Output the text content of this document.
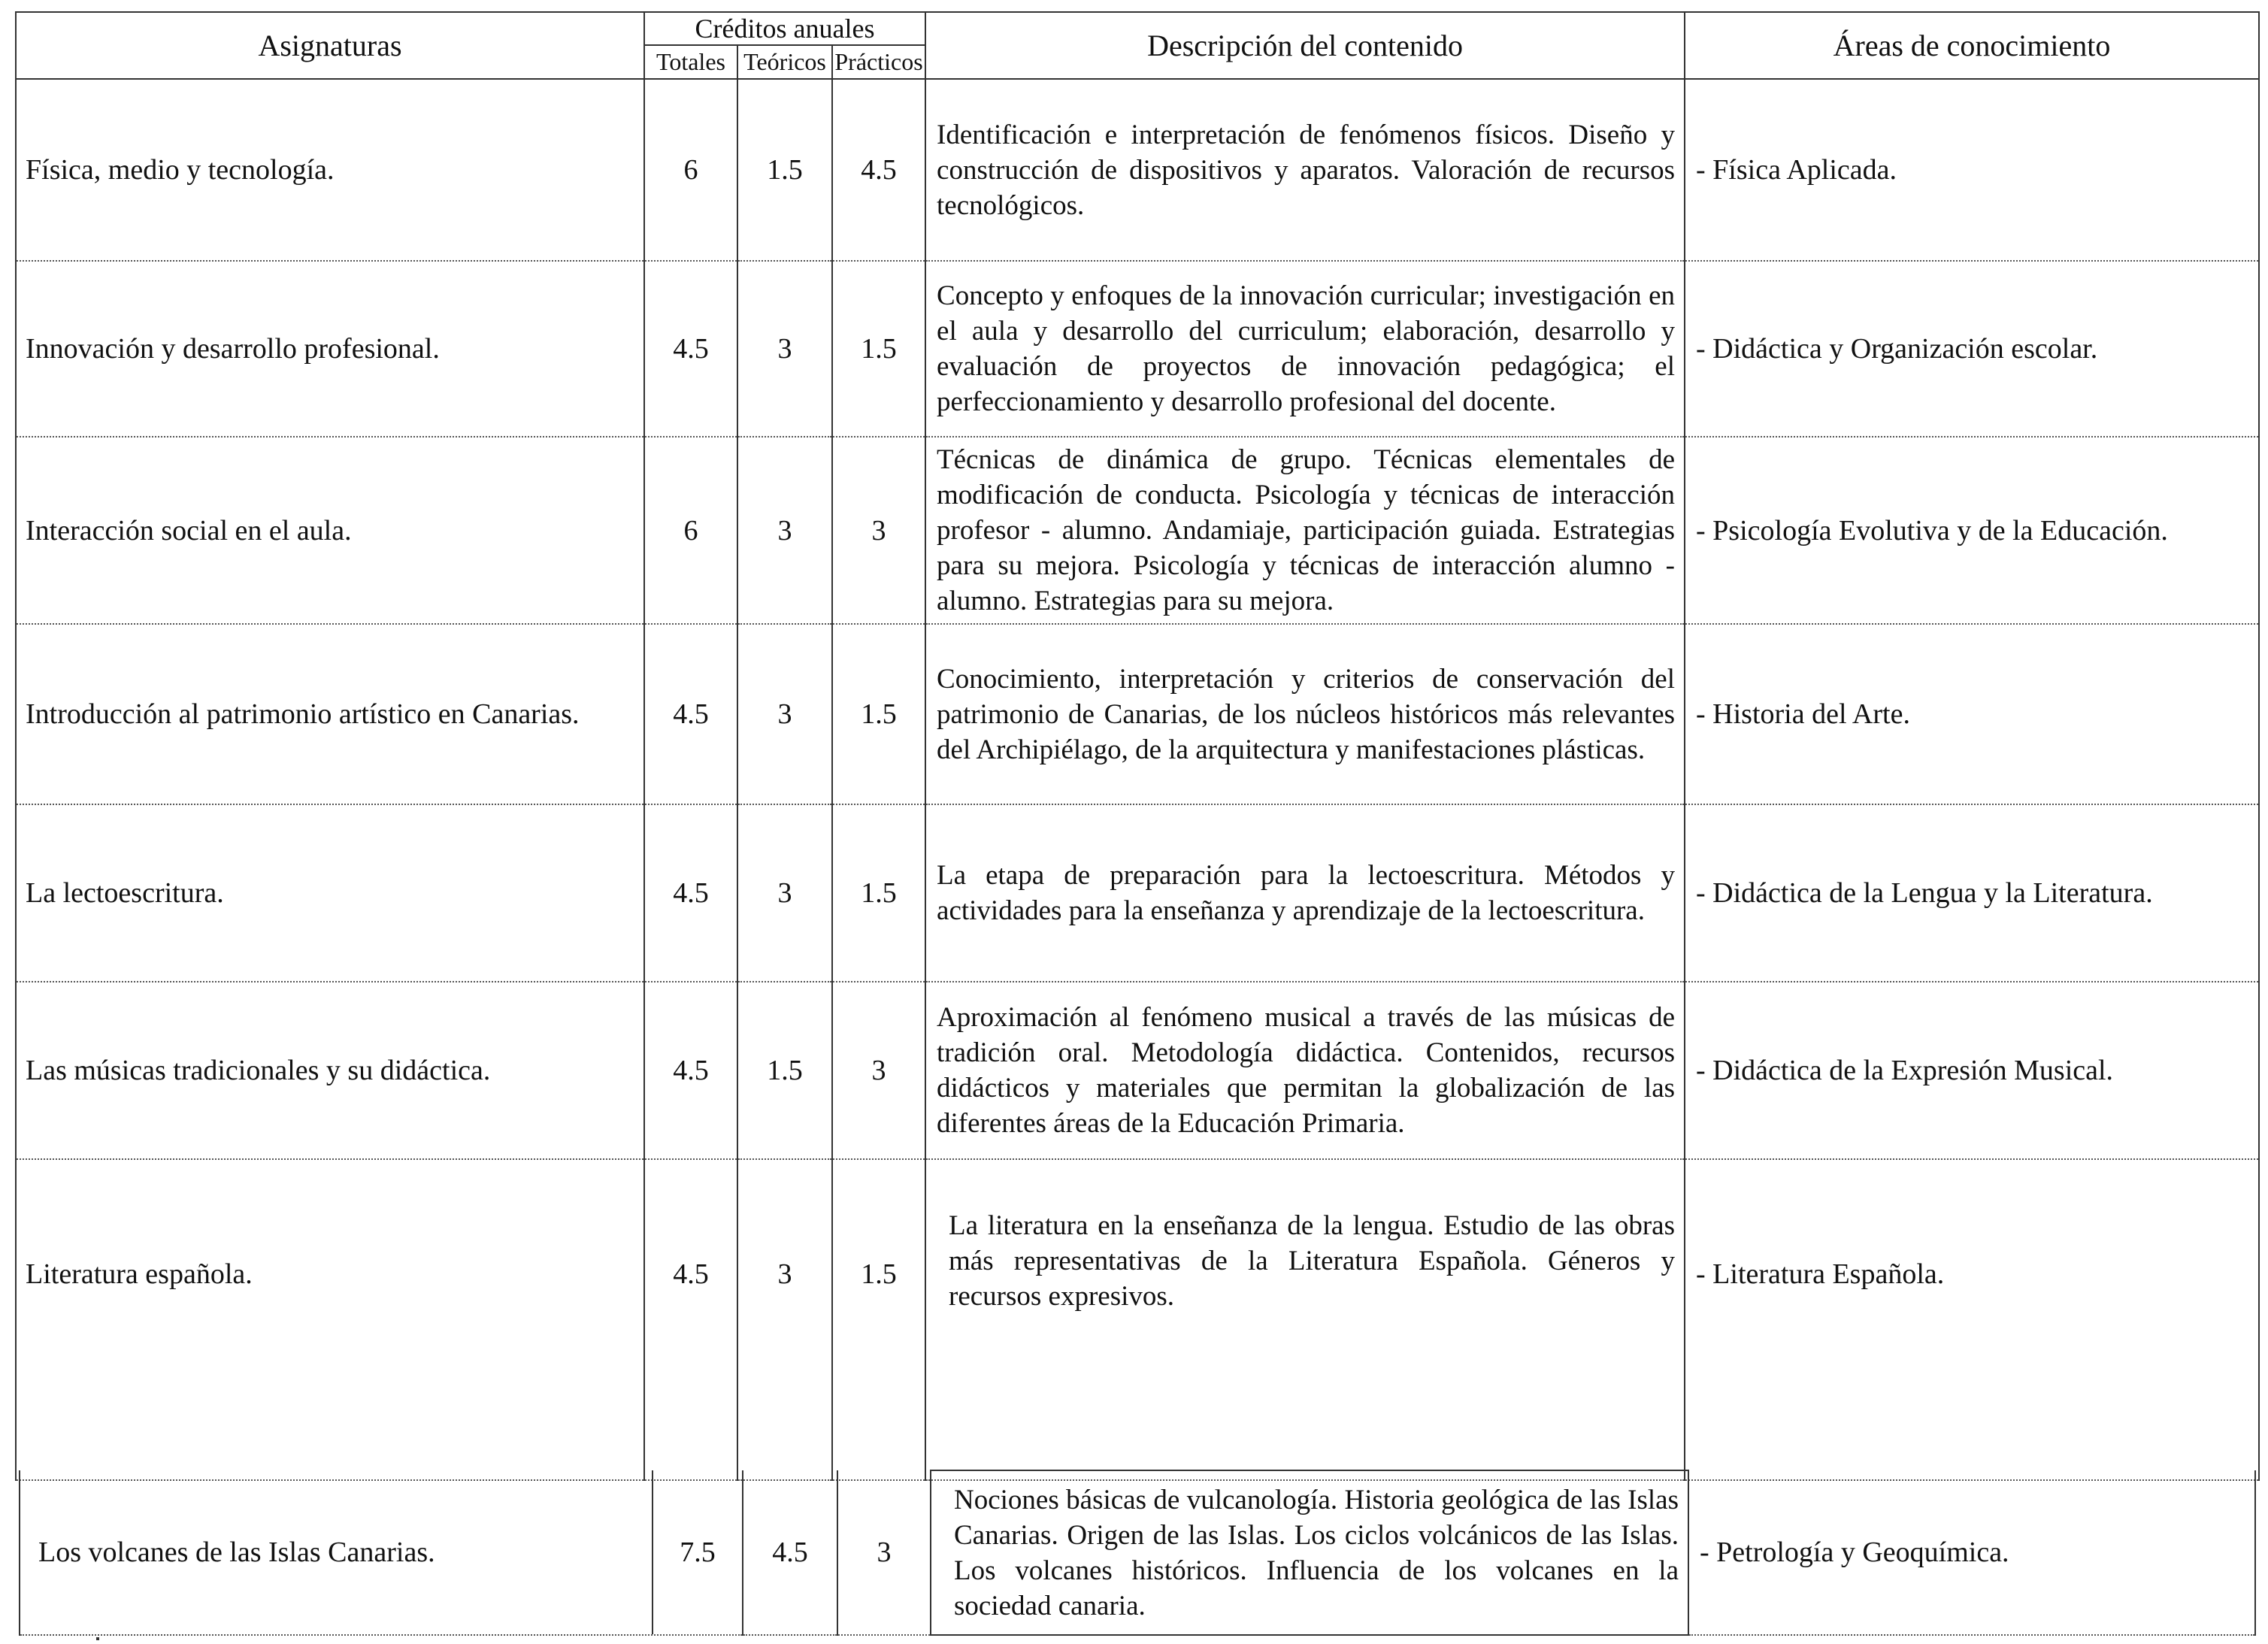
Asignaturas	Créditos anuales			Descripción del contenido	Áreas de conocimiento
	Totales	Teóricos	Prácticos		
Física, medio y tecnología.	6	1.5	4.5	Identificación e interpretación de fenómenos físicos. Diseño y construcción de dispositivos y aparatos. Valoración de recursos tecnológicos.	- Física Aplicada.
Innovación y desarrollo profesional.	4.5	3	1.5	Concepto y enfoques de la innovación curricular; investigación en el aula y desarrollo del curriculum; elaboración, desarrollo y evaluación de proyectos de innovación pedagógica; el perfeccionamiento y desarrollo profesional del docente.	- Didáctica y Organización escolar.
Interacción social en el aula.	6	3	3	Técnicas de dinámica de grupo. Técnicas elementales de modificación de conducta. Psicología y técnicas de interacción profesor - alumno. Andamiaje, participación guiada. Estrategias para su mejora. Psicología y técnicas de interacción alumno - alumno. Estrategias para su mejora.	- Psicología Evolutiva y de la Educación.
Introducción al patrimonio artístico en Canarias.	4.5	3	1.5	Conocimiento, interpretación y criterios de conservación del patrimonio de Canarias, de los núcleos históricos más relevantes del Archipiélago, de la arquitectura y manifestaciones plásticas.	- Historia del Arte.
La lectoescritura.	4.5	3	1.5	La etapa de preparación para la lectoescritura. Métodos y actividades para la enseñanza y aprendizaje de la lectoescritura.	- Didáctica de la Lengua y la Literatura.
Las músicas tradicionales y su didáctica.	4.5	1.5	3	Aproximación al fenómeno musical a través de las músicas de tradición oral. Metodología didáctica. Contenidos, recursos didácticos y materiales que permitan la globalización de las diferentes áreas de la Educación Primaria.	- Didáctica de la Expresión Musical.
Literatura española.	4.5	3	1.5	La literatura en la enseñanza de la lengua. Estudio de las obras más representativas de la Literatura Española. Géneros y recursos expresivos.	- Literatura Española.
Los volcanes de las Islas Canarias.	7.5	4.5	3	Nociones básicas de vulcanología. Historia geológica de las Islas Canarias. Origen de las Islas. Los ciclos volcánicos de las Islas. Los volcanes históricos. Influencia de los volcanes en la sociedad canaria.	- Petrología y Geoquímica.
